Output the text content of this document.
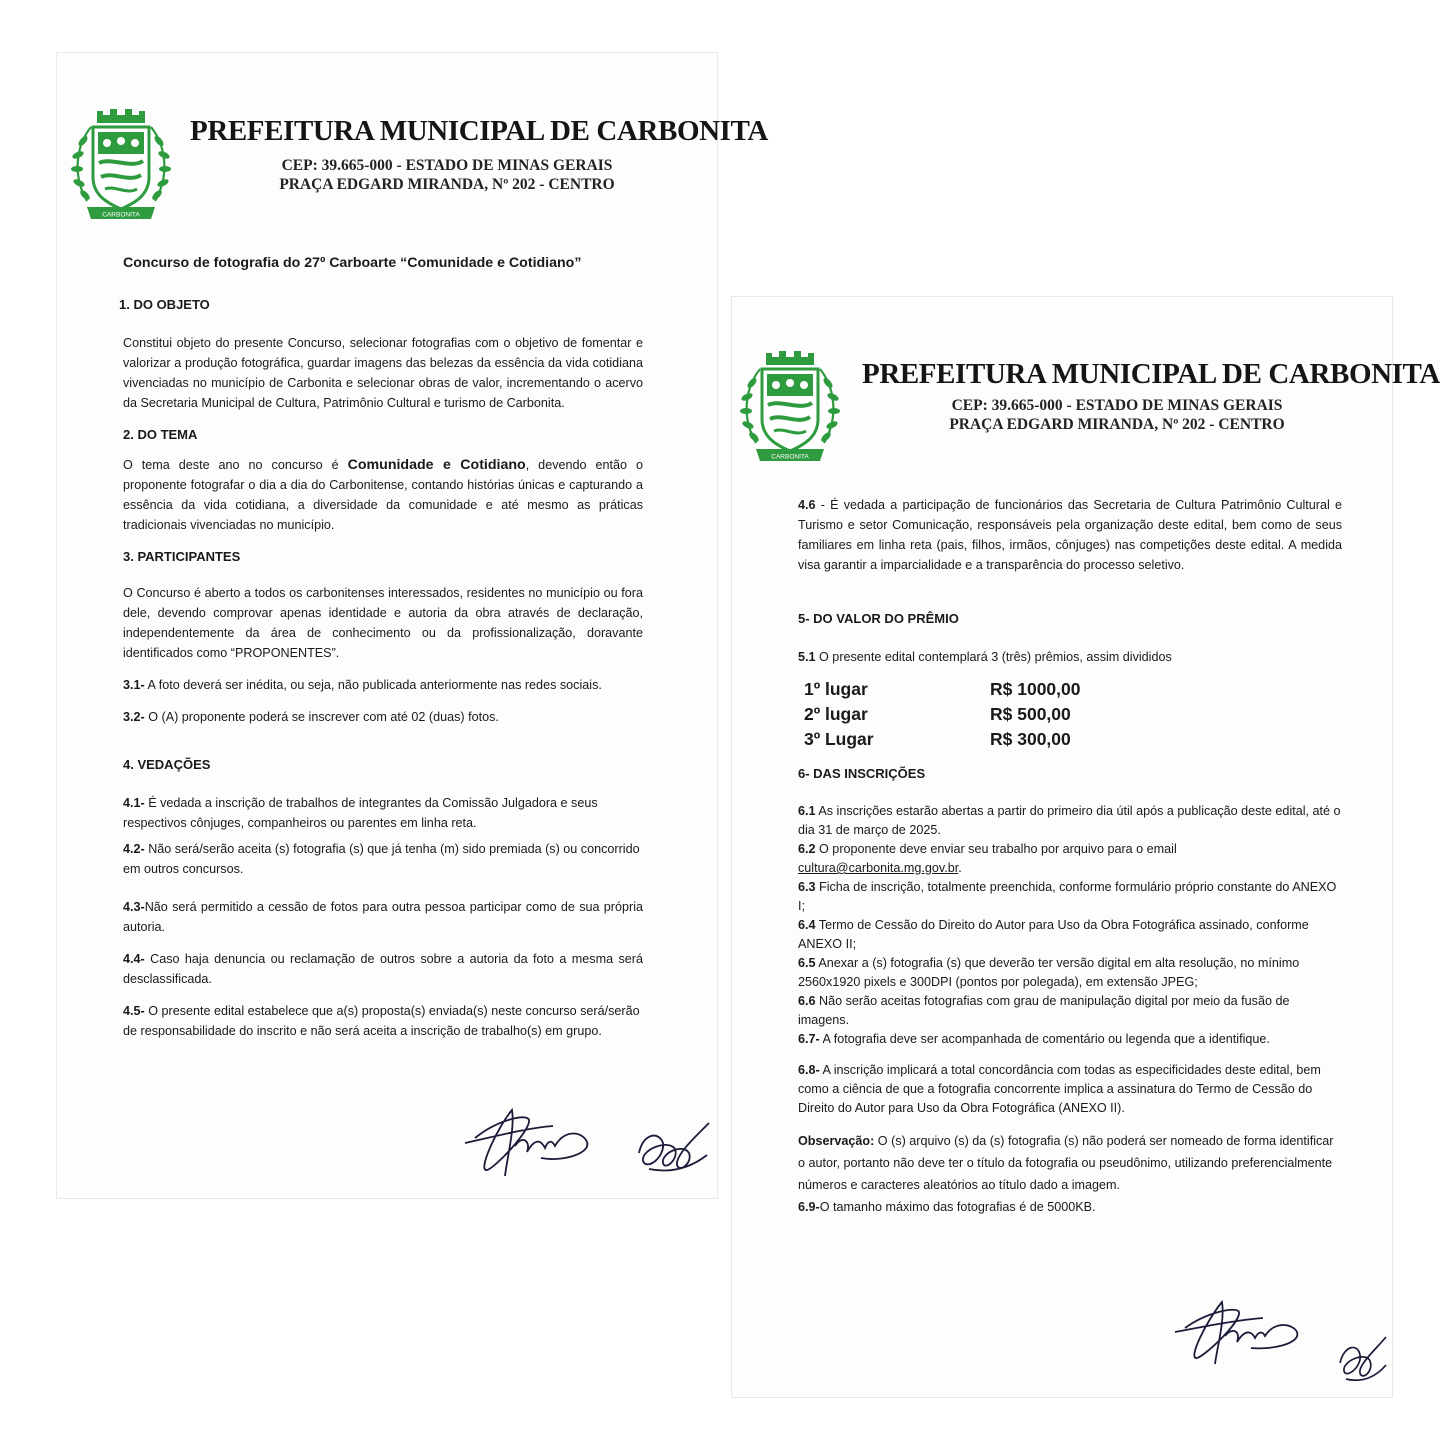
CARBONITA
PREFEITURA MUNICIPAL DE CARBONITA
CEP: 39.665-000 - ESTADO DE MINAS GERAIS
PRAÇA EDGARD MIRANDA, Nº 202 - CENTRO
Concurso de fotografia do 27º Carboarte “Comunidade e Cotidiano”
1. DO OBJETO

Constitui objeto do presente Concurso, selecionar fotografias com o objetivo de fomentar e valorizar a produção fotográfica, guardar imagens das belezas da essência da vida cotidiana vivenciadas no município de Carbonita e selecionar obras de valor, incrementando o acervo da Secretaria Municipal de Cultura, Patrimônio Cultural e turismo de Carbonita.

2. DO TEMA

O tema deste ano no concurso é Comunidade e Cotidiano, devendo então o proponente fotografar o dia a dia do Carbonitense, contando histórias únicas e capturando a essência da vida cotidiana, a diversidade da comunidade e até mesmo as práticas tradicionais vivenciadas no município.

3. PARTICIPANTES

O Concurso é aberto a todos os carbonitenses interessados, residentes no município ou fora dele, devendo comprovar apenas identidade e autoria da obra através de declaração, independentemente da área de conhecimento ou da profissionalização, doravante identificados como “PROPONENTES”.

3.1- A foto deverá ser inédita, ou seja, não publicada anteriormente nas redes sociais.

3.2- O (A) proponente poderá se inscrever com até 02 (duas) fotos.

4. VEDAÇÕES

4.1- É vedada a inscrição de trabalhos de integrantes da Comissão Julgadora e seus respectivos cônjuges, companheiros ou parentes em linha reta.

4.2- Não será/serão aceita (s) fotografia (s) que já tenha (m) sido premiada (s) ou concorrido em outros concursos.

4.3-Não será permitido a cessão de fotos para outra pessoa participar como de sua própria autoria.

4.4- Caso haja denuncia ou reclamação de outros sobre a autoria da foto a mesma será desclassificada.

4.5- O presente edital estabelece que a(s) proposta(s) enviada(s) neste concurso será/serão de responsabilidade do inscrito e não será aceita a inscrição de trabalho(s) em grupo.

CARBONITA
PREFEITURA MUNICIPAL DE CARBONITA
CEP: 39.665-000 - ESTADO DE MINAS GERAIS
PRAÇA EDGARD MIRANDA, Nº 202 - CENTRO

4.6 - É vedada a participação de funcionários das Secretaria de Cultura Patrimônio Cultural e Turismo e setor Comunicação, responsáveis pela organização deste edital, bem como de seus familiares em linha reta (pais, filhos, irmãos, cônjuges) nas competições deste edital. A medida visa garantir a imparcialidade e a transparência do processo seletivo.

5- DO VALOR DO PRÊMIO

5.1 O presente edital contemplará 3 (três) prêmios, assim divididos

1º lugar	R$ 1000,00
2º lugar	R$ 500,00
3º Lugar	R$ 300,00
6- DAS INSCRIÇÕES

6.1 As inscrições estarão abertas a partir do primeiro dia útil após a publicação deste edital, até o dia 31 de março de 2025.

6.2 O proponente deve enviar seu trabalho por arquivo para o email
cultura@carbonita.mg.gov.br.

6.3 Ficha de inscrição, totalmente preenchida, conforme formulário próprio constante do ANEXO I;

6.4 Termo de Cessão do Direito do Autor para Uso da Obra Fotográfica assinado, conforme ANEXO II;

6.5 Anexar a (s) fotografia (s) que deverão ter versão digital em alta resolução, no mínimo 2560x1920 pixels e 300DPI (pontos por polegada), em extensão JPEG;

6.6 Não serão aceitas fotografias com grau de manipulação digital por meio da fusão de imagens.

6.7- A fotografia deve ser acompanhada de comentário ou legenda que a identifique.

6.8- A inscrição implicará a total concordância com todas as especificidades deste edital, bem como a ciência de que a fotografia concorrente implica a assinatura do Termo de Cessão do Direito do Autor para Uso da Obra Fotográfica (ANEXO II).

Observação: O (s) arquivo (s) da (s) fotografia (s) não poderá ser nomeado de forma identificar o autor, portanto não deve ter o título da fotografia ou pseudônimo, utilizando preferencialmente números e caracteres aleatórios ao título dado a imagem.

6.9-O tamanho máximo das fotografias é de 5000KB.
